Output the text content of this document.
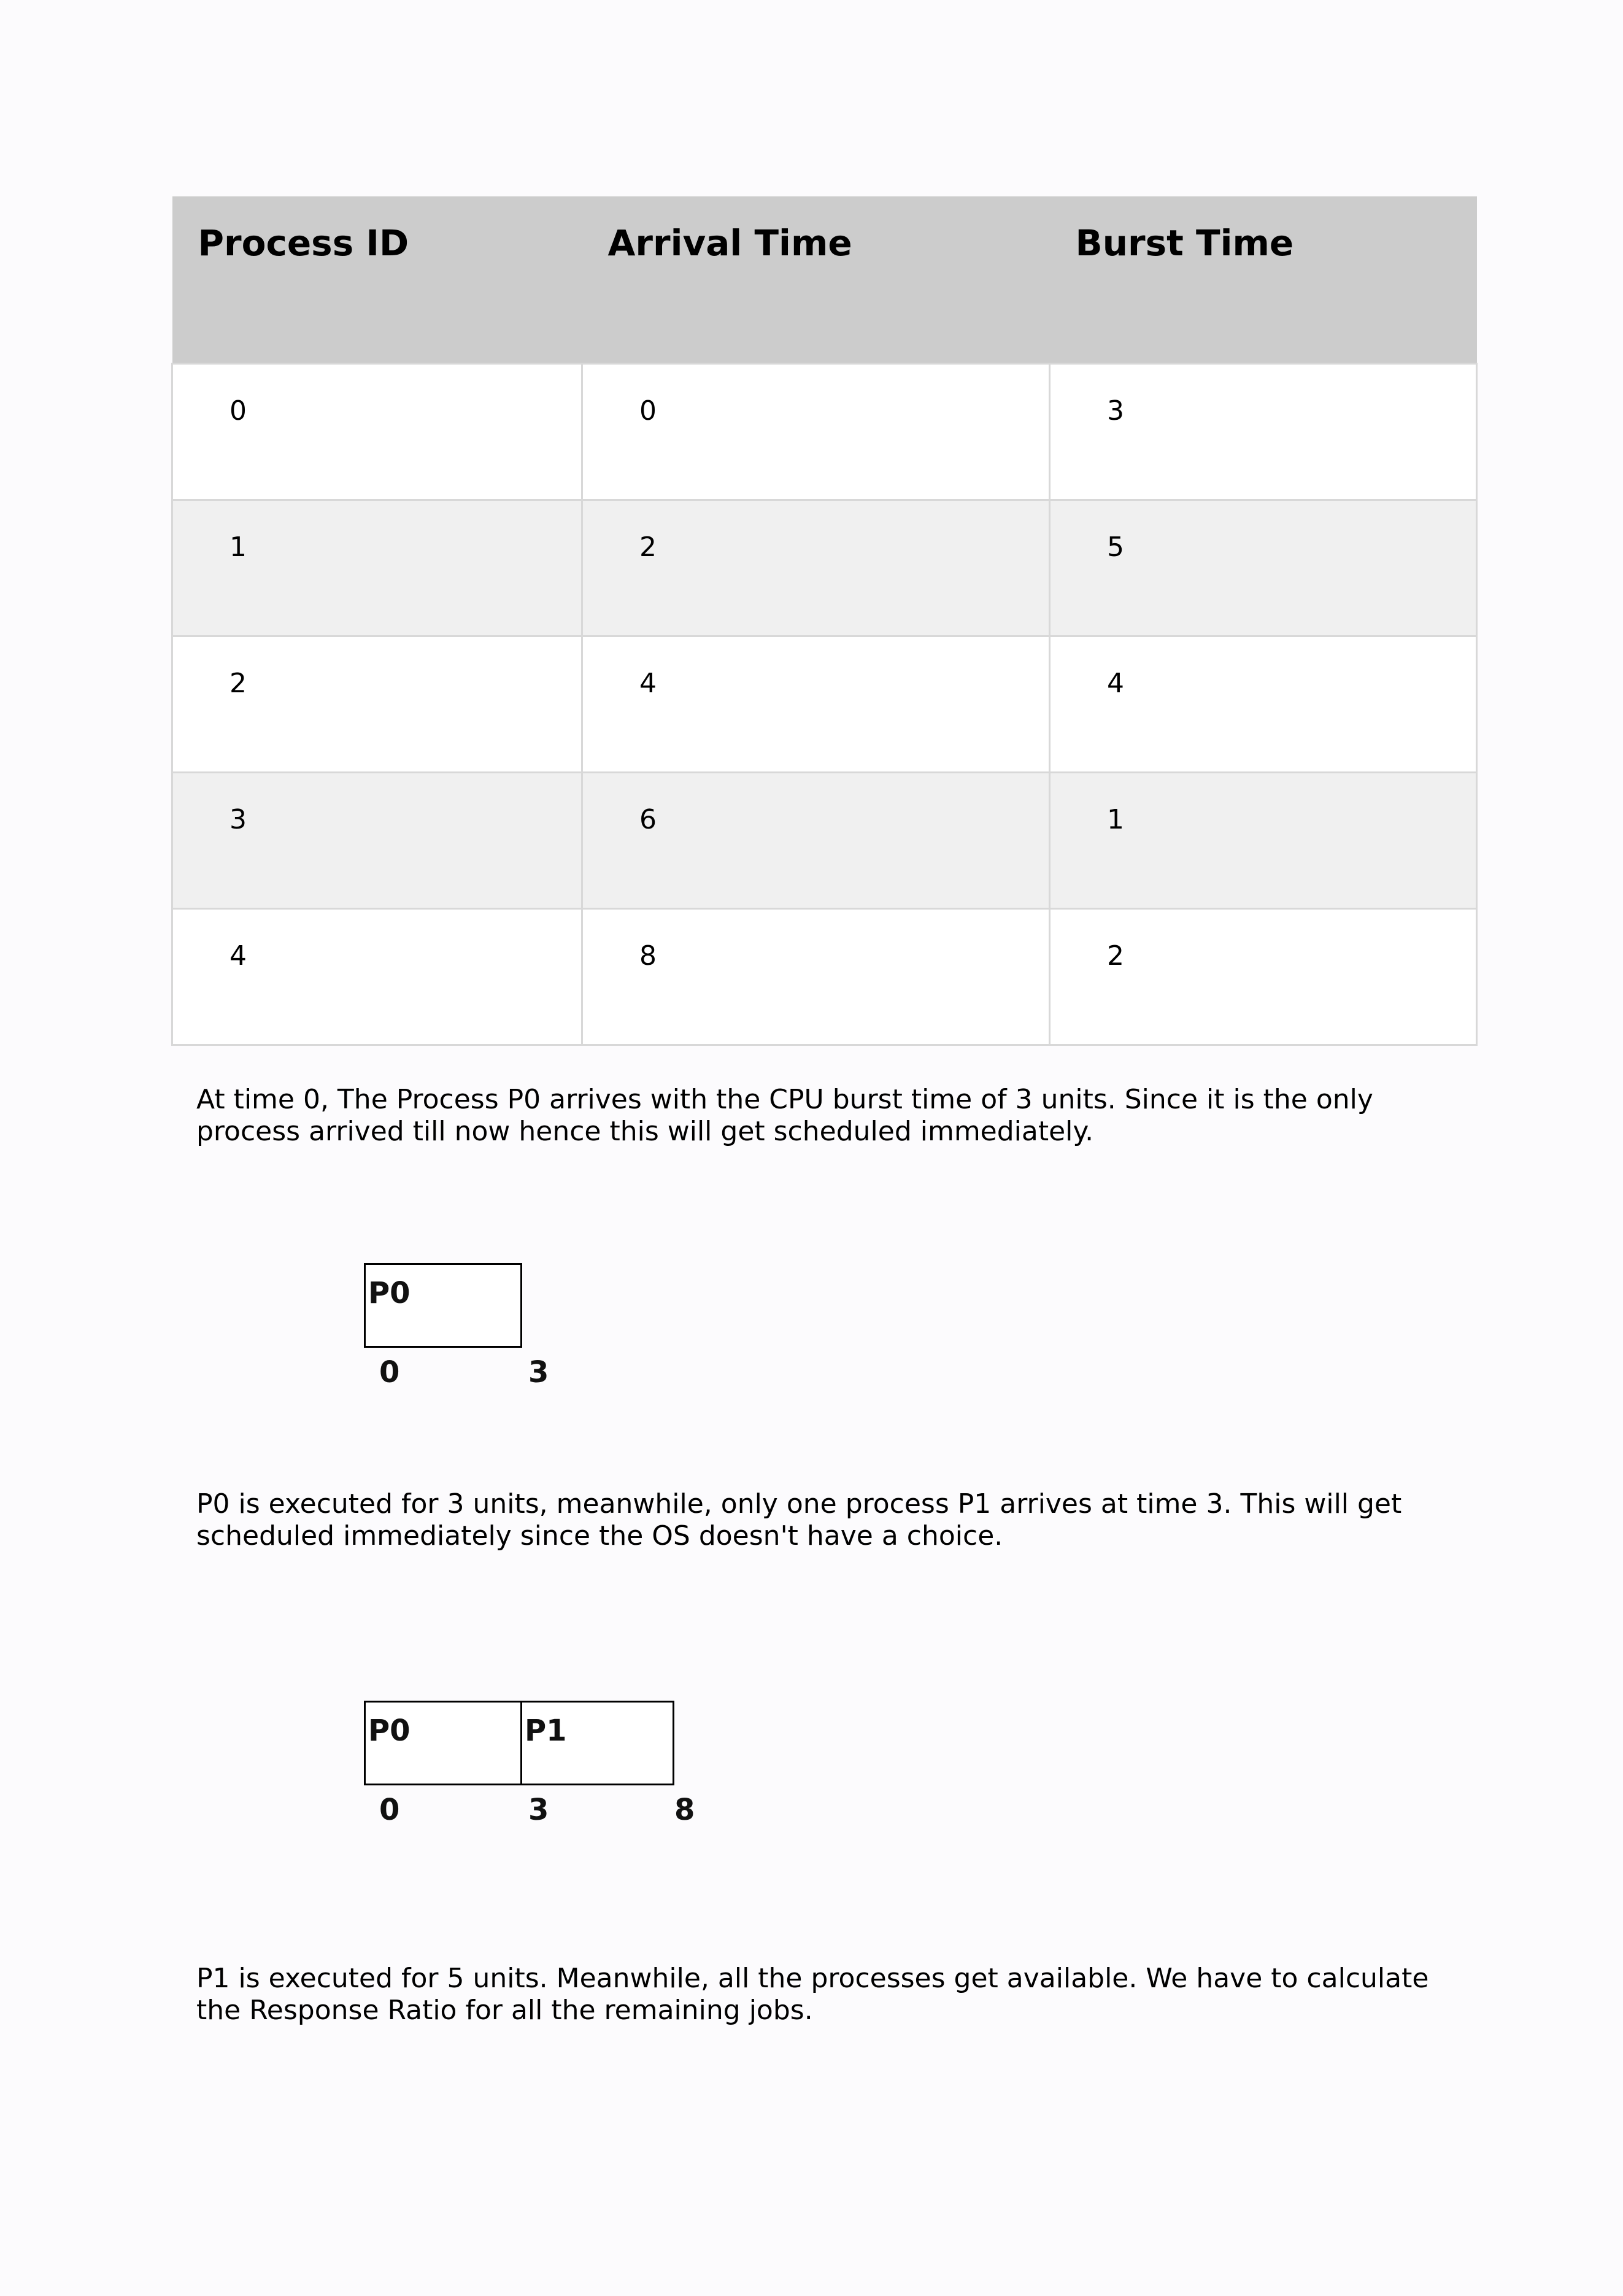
Process ID	Arrival Time	Burst Time
0	0	3
1	2	5
2	4	4
3	6	1
4	8	2

At time 0, The Process P0 arrives with the CPU burst time of 3 units. Since it is the only process arrived till now hence this will get scheduled immediately.

P0
0	3

P0 is executed for 3 units, meanwhile, only one process P1 arrives at time 3. This will get scheduled immediately since the OS doesn't have a choice.

P0	P1
0	3	8

P1 is executed for 5 units. Meanwhile, all the processes get available. We have to calculate the Response Ratio for all the remaining jobs.
